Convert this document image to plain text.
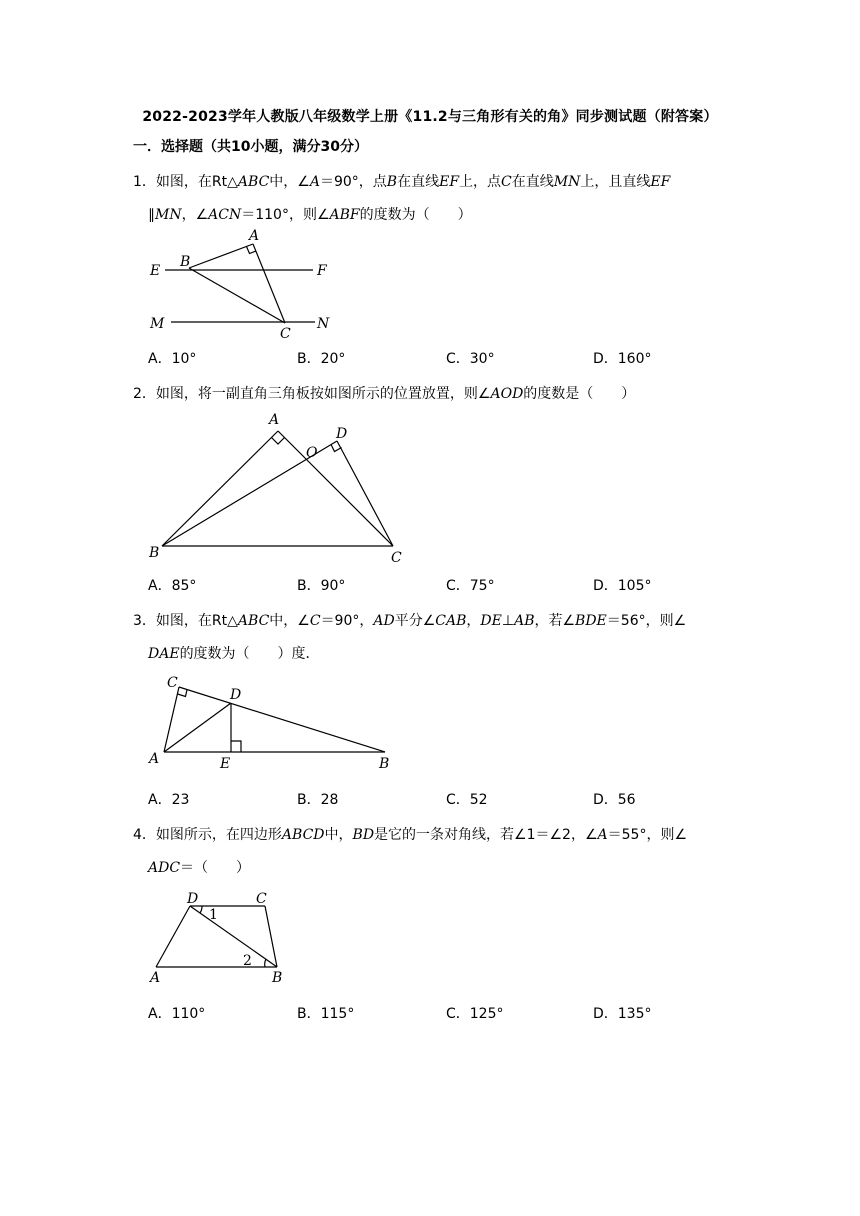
2022-2023学年人教版八年级数学上册《11.2与三角形有关的角》同步测试题（附答案）
一．选择题（共10小题，满分30分）
1．如图，在Rt△ABC中，∠A＝90°，点B在直线EF上，点C在直线MN上，且直线EF
∥MN，∠ACN＝110°，则∠ABF的度数为（　　）
A
B
E	F
M
C
N
A．10°	B．20°	C．30°	D．160°
2．如图，将一副直角三角板按如图所示的位置放置，则∠AOD的度数是（　　）
A
O
D
B	C
A．85°	B．90°	C．75°	D．105°
3．如图，在Rt△ABC中，∠C＝90°，AD平分∠CAB，DE⊥AB，若∠BDE＝56°，则∠
DAE的度数为（　　）度．
C
D
A	E	B
A．23	B．28	C．52	D．56
4．如图所示，在四边形ABCD中，BD是它的一条对角线，若∠1＝∠2，∠A＝55°，则∠
ADC＝（　　）
D	C
1
A
2
B
A．110°	B．115°	C．125°	D．135°
